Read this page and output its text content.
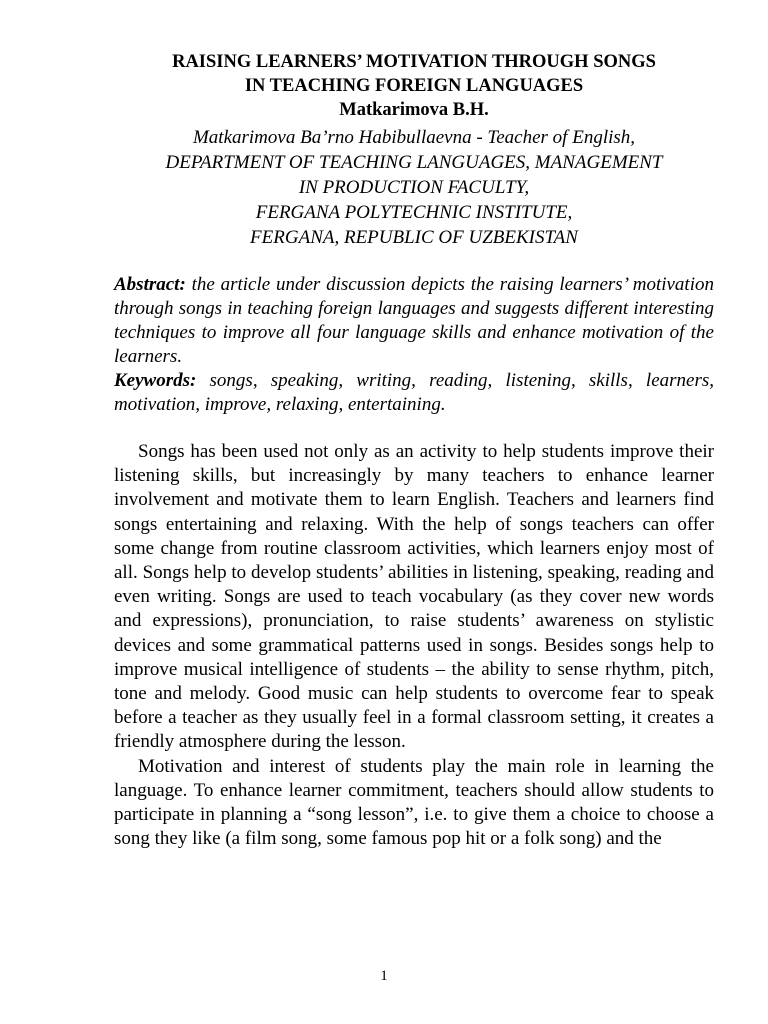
RAISING LEARNERS’ MOTIVATION THROUGH SONGS
IN TEACHING FOREIGN LANGUAGES
Matkarimova B.H.
Matkarimova Ba’rno Habibullaevna - Teacher of English,
DEPARTMENT OF TEACHING LANGUAGES, MANAGEMENT
IN PRODUCTION FACULTY,
FERGANA POLYTECHNIC INSTITUTE,
FERGANA, REPUBLIC OF UZBEKISTAN

Abstract: the article under discussion depicts the raising learners’ motivation through songs in teaching foreign languages and suggests different interesting techniques to improve all four language skills and enhance motivation of the learners.

Keywords: songs, speaking, writing, reading, listening, skills, learners, motivation, improve, relaxing, entertaining.

Songs has been used not only as an activity to help students improve their listening skills, but increasingly by many teachers to enhance learner involvement and motivate them to learn English. Teachers and learners find songs entertaining and relaxing. With the help of songs teachers can offer some change from routine classroom activities, which learners enjoy most of all. Songs help to develop students’ abilities in listening, speaking, reading and even writing. Songs are used to teach vocabulary (as they cover new words and expressions), pronunciation, to raise students’ awareness on stylistic devices and some grammatical patterns used in songs. Besides songs help to improve musical intelligence of students – the ability to sense rhythm, pitch, tone and melody. Good music can help students to overcome fear to speak before a teacher as they usually feel in a formal classroom setting, it creates a friendly atmosphere during the lesson.

Motivation and interest of students play the main role in learning the language. To enhance learner commitment, teachers should allow students to participate in planning a “song lesson”, i.e. to give them a choice to choose a song they like (a film song, some famous pop hit or a folk song) and the

1
